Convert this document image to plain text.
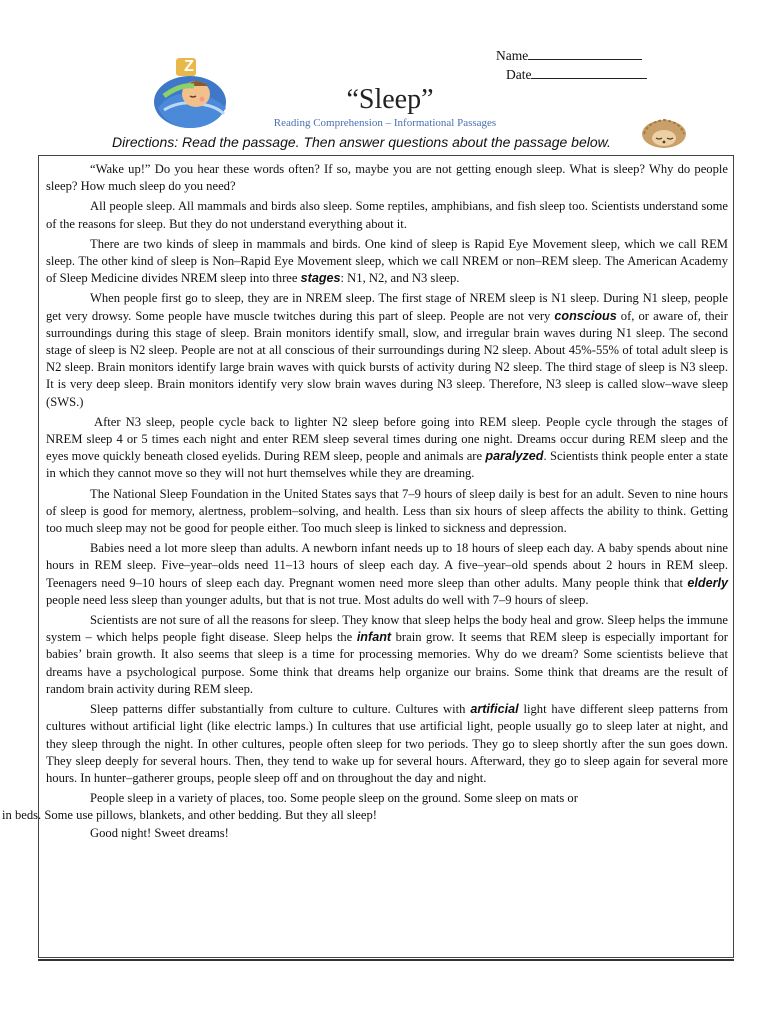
Z
Name
Date
“Sleep”
Reading Comprehension – Informational Passages
Directions: Read the passage. Then answer questions about the passage below.

“Wake up!” Do you hear these words often? If so, maybe you are not getting enough sleep. What is sleep? Why do people sleep? How much sleep do you need?

All people sleep. All mammals and birds also sleep. Some reptiles, amphibians, and fish sleep too. Scientists understand some of the reasons for sleep. But they do not understand everything about it.

There are two kinds of sleep in mammals and birds. One kind of sleep is Rapid Eye Movement sleep, which we call REM sleep. The other kind of sleep is Non–Rapid Eye Movement sleep, which we call NREM or non–REM sleep. The American Academy of Sleep Medicine divides NREM sleep into three stages: N1, N2, and N3 sleep.

When people first go to sleep, they are in NREM sleep. The first stage of NREM sleep is N1 sleep. During N1 sleep, people get very drowsy. Some people have muscle twitches during this part of sleep. People are not very conscious of, or aware of, their surroundings during this stage of sleep. Brain monitors identify small, slow, and irregular brain waves during N1 sleep. The second stage of sleep is N2 sleep. People are not at all conscious of their surroundings during N2 sleep. About 45%-55% of total adult sleep is N2 sleep. Brain monitors identify large brain waves with quick bursts of activity during N2 sleep. The third stage of sleep is N3 sleep. It is very deep sleep. Brain monitors identify very slow brain waves during N3 sleep. Therefore, N3 sleep is called slow–wave sleep (SWS.)

After N3 sleep, people cycle back to lighter N2 sleep before going into REM sleep. People cycle through the stages of NREM sleep 4 or 5 times each night and enter REM sleep several times during one night. Dreams occur during REM sleep and the eyes move quickly beneath closed eyelids. During REM sleep, people and animals are paralyzed. Scientists think people enter a state in which they cannot move so they will not hurt themselves while they are dreaming.

The National Sleep Foundation in the United States says that 7–9 hours of sleep daily is best for an adult. Seven to nine hours of sleep is good for memory, alertness, problem–solving, and health. Less than six hours of sleep affects the ability to think. Getting too much sleep may not be good for people either. Too much sleep is linked to sickness and depression.

Babies need a lot more sleep than adults. A newborn infant needs up to 18 hours of sleep each day. A baby spends about nine hours in REM sleep. Five–year–olds need 11–13 hours of sleep each day. A five–year–old spends about 2 hours in REM sleep. Teenagers need 9–10 hours of sleep each day. Pregnant women need more sleep than other adults. Many people think that elderly people need less sleep than younger adults, but that is not true. Most adults do well with 7–9 hours of sleep.

Scientists are not sure of all the reasons for sleep. They know that sleep helps the body heal and grow. Sleep helps the immune system – which helps people fight disease. Sleep helps the infant brain grow. It seems that REM sleep is especially important for babies’ brain growth. It also seems that sleep is a time for processing memories. Why do we dream? Some scientists believe that dreams have a psychological purpose. Some think that dreams help organize our brains. Some think that dreams are the result of random brain activity during REM sleep.

Sleep patterns differ substantially from culture to culture. Cultures with artificial light have different sleep patterns from cultures without artificial light (like electric lamps.) In cultures that use artificial light, people usually go to sleep later at night, and they sleep through the night. In other cultures, people often sleep for two periods. They go to sleep shortly after the sun goes down. They sleep deeply for several hours. Then, they tend to wake up for several hours. Afterward, they go to sleep again for several more hours. In hunter–gatherer groups, people sleep off and on throughout the day and night.

People sleep in a variety of places, too. Some people sleep on the ground. Some sleep on mats or
in beds. Some use pillows, blankets, and other bedding. But they all sleep!

Good night! Sweet dreams!
